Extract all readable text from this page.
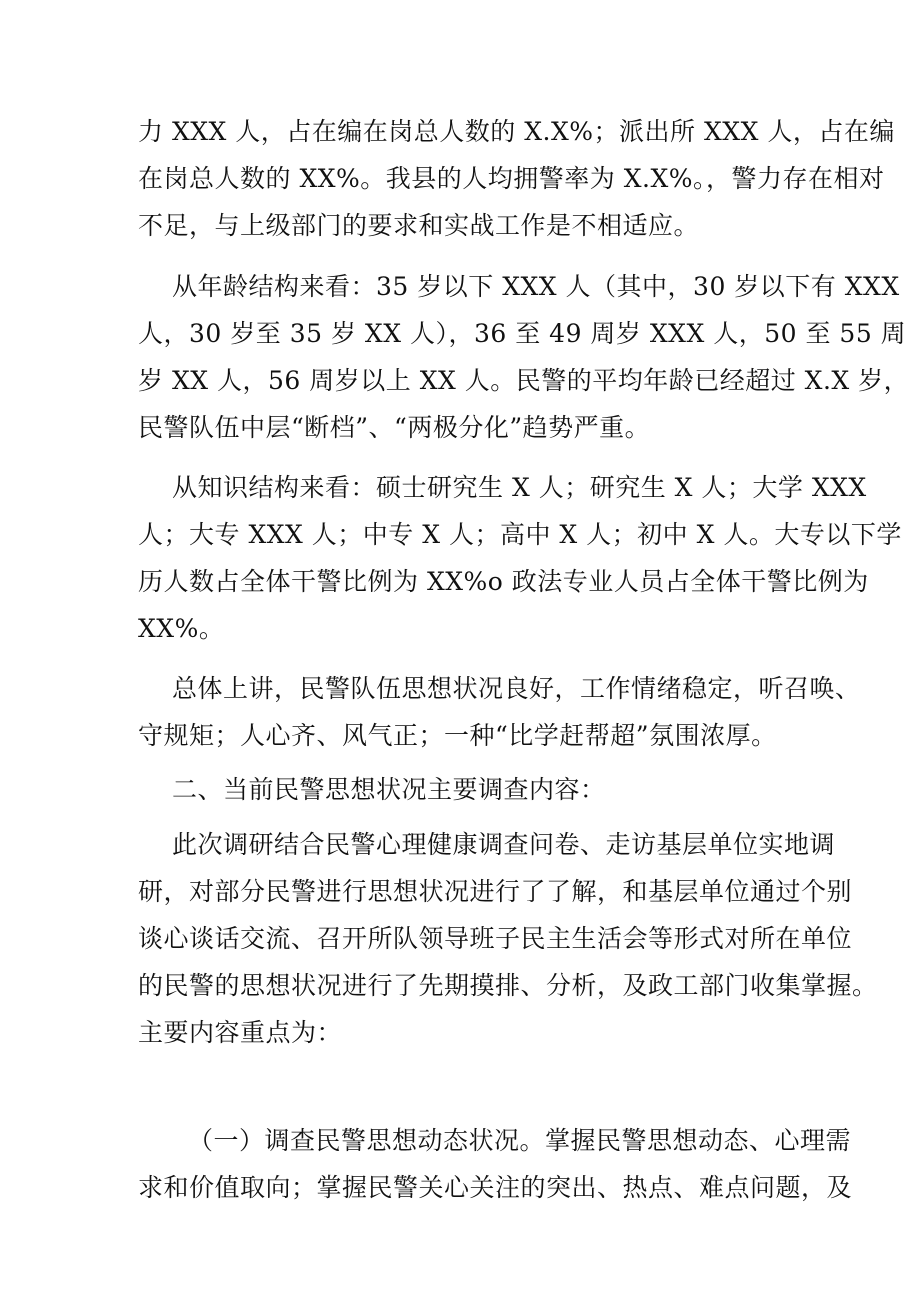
力 XXX 人，占在编在岗总人数的 X.X%；派出所 XXX 人，占在编
在岗总人数的 XX%。我县的人均拥警率为 X.X%。，警力存在相对
不足，与上级部门的要求和实战工作是不相适应。

从年龄结构来看：35 岁以下 XXX 人（其中，30 岁以下有 XXX
人，30 岁至 35 岁 XX 人），36 至 49 周岁 XXX 人，50 至 55 周
岁 XX 人，56 周岁以上 XX 人。民警的平均年龄已经超过 X.X 岁，
民警队伍中层“断档”、“两极分化”趋势严重。

从知识结构来看：硕士研究生 X 人；研究生 X 人；大学 XXX
人；大专 XXX 人；中专 X 人；高中 X 人；初中 X 人。大专以下学
历人数占全体干警比例为 XX%o 政法专业人员占全体干警比例为
XX%。

总体上讲，民警队伍思想状况良好，工作情绪稳定，听召唤、
守规矩；人心齐、风气正；一种“比学赶帮超”氛围浓厚。

二、当前民警思想状况主要调查内容：

此次调研结合民警心理健康调查问卷、走访基层单位实地调
研，对部分民警进行思想状况进行了了解，和基层单位通过个别
谈心谈话交流、召开所队领导班子民主生活会等形式对所在单位
的民警的思想状况进行了先期摸排、分析，及政工部门收集掌握。
主要内容重点为：

（一）调查民警思想动态状况。掌握民警思想动态、心理需
求和价值取向；掌握民警关心关注的突出、热点、难点问题，及
